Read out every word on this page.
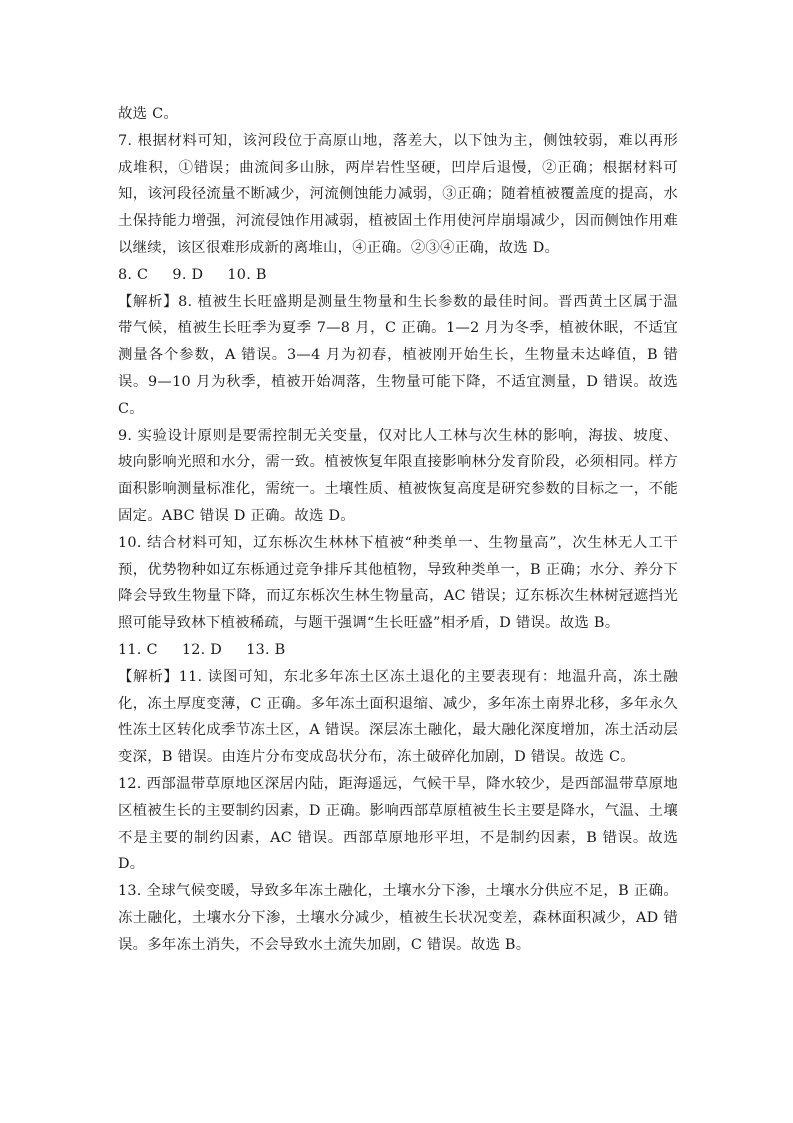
故选 C。

7. 根据材料可知，该河段位于高原山地，落差大，以下蚀为主，侧蚀较弱，难以再形成堆积，①错误；曲流间多山脉，两岸岩性坚硬，凹岸后退慢，②正确；根据材料可知，该河段径流量不断减少，河流侧蚀能力减弱，③正确；随着植被覆盖度的提高，水土保持能力增强，河流侵蚀作用减弱，植被固土作用使河岸崩塌减少，因而侧蚀作用难以继续，该区很难形成新的离堆山，④正确。②③④正确，故选 D。

8. C     9. D     10. B

【解析】8. 植被生长旺盛期是测量生物量和生长参数的最佳时间。晋西黄土区属于温带气候，植被生长旺季为夏季 7—8 月，C 正确。1—2 月为冬季，植被休眠，不适宜测量各个参数，A 错误。3—4 月为初春，植被刚开始生长，生物量未达峰值，B 错误。9—10 月为秋季，植被开始凋落，生物量可能下降，不适宜测量，D 错误。故选 C。

9. 实验设计原则是要需控制无关变量，仅对比人工林与次生林的影响，海拔、坡度、坡向影响光照和水分，需一致。植被恢复年限直接影响林分发育阶段，必须相同。样方面积影响测量标准化，需统一。土壤性质、植被恢复高度是研究参数的目标之一，不能固定。ABC 错误 D 正确。故选 D。

10. 结合材料可知，辽东栎次生林林下植被“种类单一、生物量高”，次生林无人工干预，优势物种如辽东栎通过竞争排斥其他植物，导致种类单一，B 正确；水分、养分下降会导致生物量下降，而辽东栎次生林生物量高，AC 错误；辽东栎次生林树冠遮挡光照可能导致林下植被稀疏，与题干强调“生长旺盛”相矛盾，D 错误。故选 B。

11. C     12. D     13. B

【解析】11. 读图可知，东北多年冻土区冻土退化的主要表现有：地温升高，冻土融化，冻土厚度变薄，C 正确。多年冻土面积退缩、减少，多年冻土南界北移，多年永久性冻土区转化成季节冻土区，A 错误。深层冻土融化，最大融化深度增加，冻土活动层变深，B 错误。由连片分布变成岛状分布，冻土破碎化加剧，D 错误。故选 C。

12. 西部温带草原地区深居内陆，距海遥远，气候干旱，降水较少，是西部温带草原地区植被生长的主要制约因素，D 正确。影响西部草原植被生长主要是降水，气温、土壤不是主要的制约因素，AC 错误。西部草原地形平坦，不是制约因素，B 错误。故选 D。

13. 全球气候变暖，导致多年冻土融化，土壤水分下渗，土壤水分供应不足，B 正确。冻土融化，土壤水分下渗，土壤水分减少，植被生长状况变差，森林面积减少，AD 错误。多年冻土消失，不会导致水土流失加剧，C 错误。故选 B。
